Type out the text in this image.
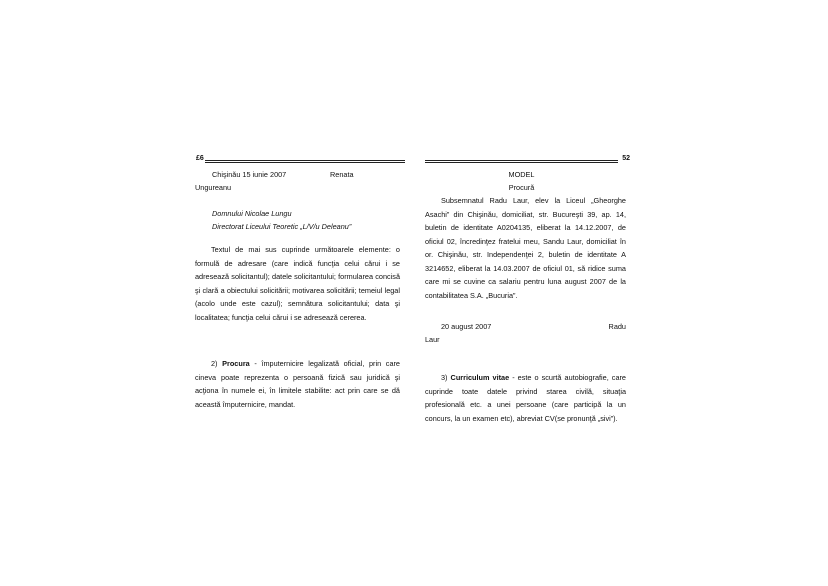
£6
Chişinău 15 iunie 2007	Renata
Ungureanu
Domnului Nicolae Lungu
Directorat Liceului Teoretic „L/V/u Deleanu”

Textul de mai sus cuprinde următoarele elemente: o formulă de adresare (care indică funcţia celui cărui i se adresează solicitantul); datele solicitantului; formularea concisă şi clară a obiectului solicitării; motivarea solicitării; temeiul legal (acolo unde este cazul); semnătura solicitantului; data şi localitatea; funcţia celui cărui i se adresează cererea.

2) Procura - împuternicire legalizată oficial, prin care cineva poate reprezenta o persoană fizică sau juridică şi acţiona în numele ei, în limitele stabilite: act prin care se dă această împuternicire, mandat.

52
MODEL
Procură

Subsemnatul Radu Laur, elev la Liceul „Gheorghe Asachi” din Chişinău, domiciliat, str. Bucureşti 39, ap. 14, buletin de identitate A0204135, eliberat la 14.12.2007, de oficiul 02, încredinţez fratelui meu, Sandu Laur, domiciliat în or. Chişinău, str. Independenţei 2, buletin de identitate A 3214652, eliberat la 14.03.2007 de oficiul 01, să ridice suma care mi se cuvine ca salariu pentru luna august 2007 de la contabilitatea S.A. „Bucuria”.

20 august 2007	Radu
Laur

3) Curriculum vitae - este o scurtă autobiografie, care cuprinde toate datele privind starea civilă, situaţia profesională etc. a unei persoane (care participă la un concurs, la un examen etc), abreviat CV(se pronunţă „sivi”).
